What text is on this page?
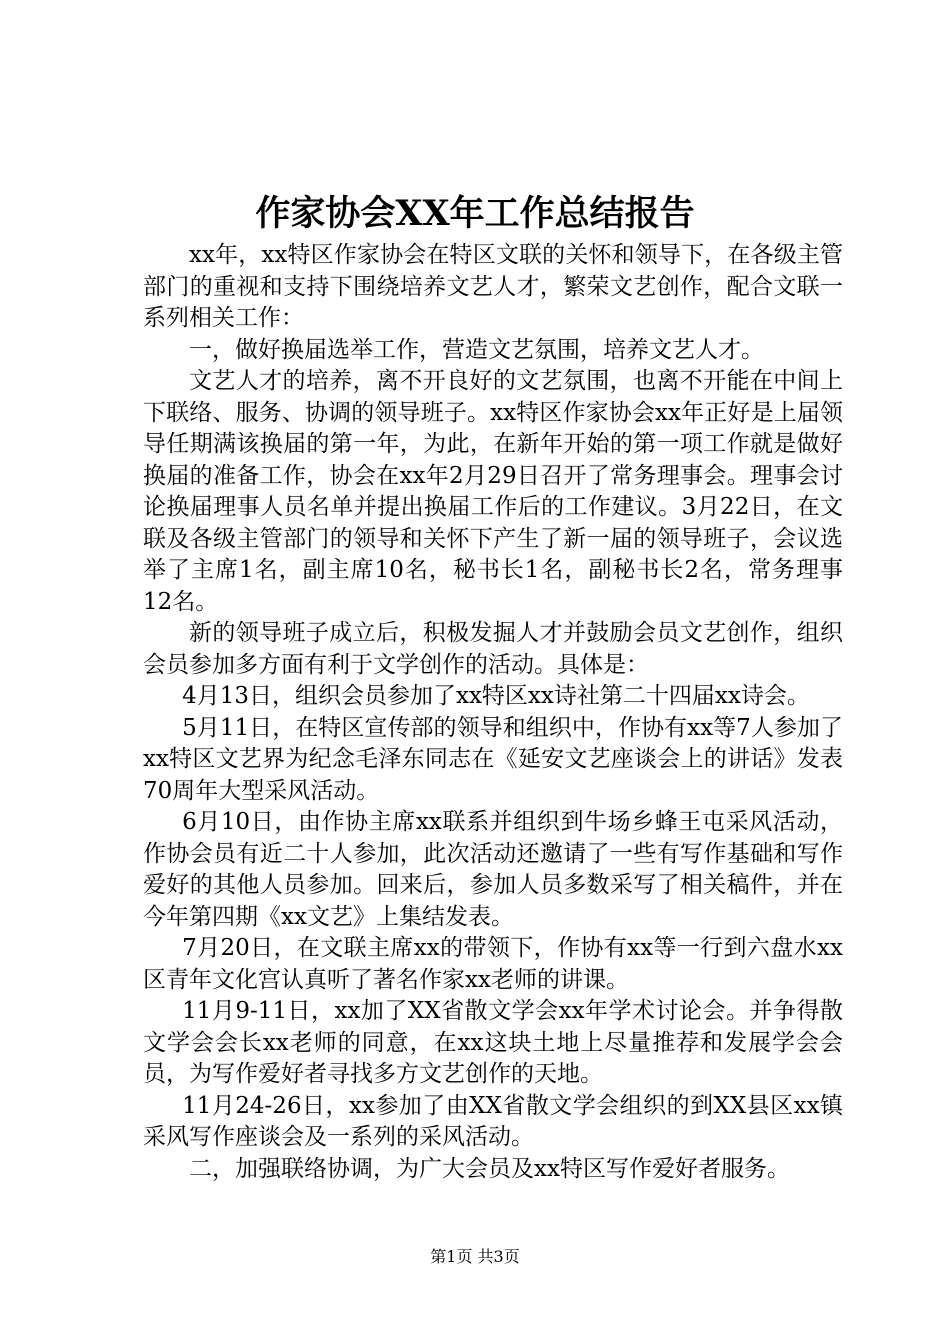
作家协会XX年工作总结报告

xx年，xx特区作家协会在特区文联的关怀和领导下，在各级主管部门的重视和支持下围绕培养文艺人才，繁荣文艺创作，配合文联一系列相关工作：

一，做好换届选举工作，营造文艺氛围，培养文艺人才。

文艺人才的培养，离不开良好的文艺氛围，也离不开能在中间上下联络、服务、协调的领导班子。xx特区作家协会xx年正好是上届领导任期满该换届的第一年，为此，在新年开始的第一项工作就是做好换届的准备工作，协会在xx年2月29日召开了常务理事会。理事会讨论换届理事人员名单并提出换届工作后的工作建议。3月22日，在文联及各级主管部门的领导和关怀下产生了新一届的领导班子，会议选举了主席1名，副主席10名，秘书长1名，副秘书长2名，常务理事12名。

新的领导班子成立后，积极发掘人才并鼓励会员文艺创作，组织会员参加多方面有利于文学创作的活动。具体是：

4月13日，组织会员参加了xx特区xx诗社第二十四届xx诗会。

5月11日，在特区宣传部的领导和组织中，作协有xx等7人参加了xx特区文艺界为纪念毛泽东同志在《延安文艺座谈会上的讲话》发表70周年大型采风活动。

6月10日，由作协主席xx联系并组织到牛场乡蜂王屯采风活动，作协会员有近二十人参加，此次活动还邀请了一些有写作基础和写作爱好的其他人员参加。回来后，参加人员多数采写了相关稿件，并在今年第四期《xx文艺》上集结发表。

7月20日，在文联主席xx的带领下，作协有xx等一行到六盘水xx区青年文化宫认真听了著名作家xx老师的讲课。

11月9-11日，xx加了XX省散文学会xx年学术讨论会。并争得散文学会会长xx老师的同意，在xx这块土地上尽量推荐和发展学会会员，为写作爱好者寻找多方文艺创作的天地。

11月24-26日，xx参加了由XX省散文学会组织的到XX县区xx镇采风写作座谈会及一系列的采风活动。

二，加强联络协调，为广大会员及xx特区写作爱好者服务。

第1页 共3页
